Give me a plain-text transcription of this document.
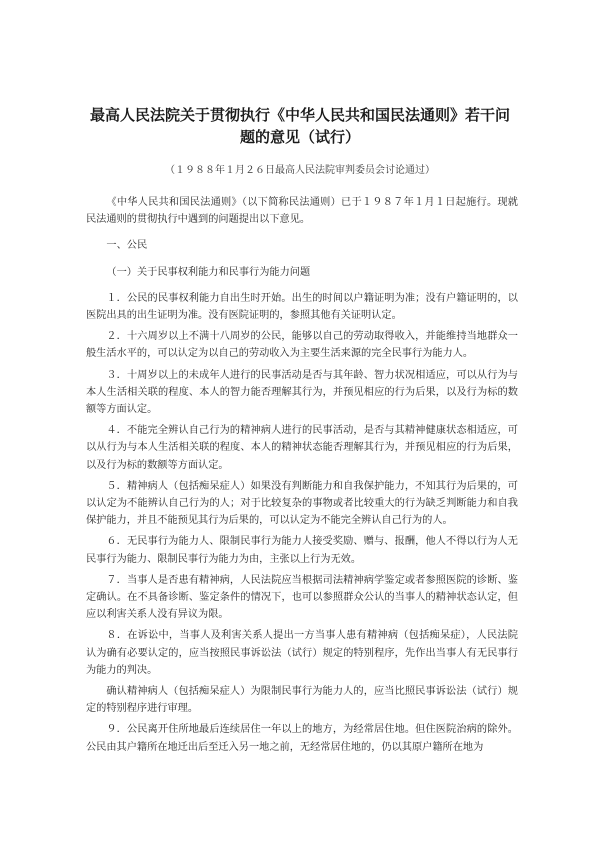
最高人民法院关于贯彻执行《中华人民共和国民法通则》若干问题的意见（试行）
（１９８８年１月２６日最高人民法院审判委员会讨论通过）

《中华人民共和国民法通则》（以下简称民法通则）已于１９８７年１月１日起施行。现就民法通则的贯彻执行中遇到的问题提出以下意见。

一、公民

（一）关于民事权利能力和民事行为能力问题

１．公民的民事权利能力自出生时开始。出生的时间以户籍证明为准；没有户籍证明的，以医院出具的出生证明为准。没有医院证明的，参照其他有关证明认定。

２．十六周岁以上不满十八周岁的公民，能够以自己的劳动取得收入，并能维持当地群众一般生活水平的，可以认定为以自己的劳动收入为主要生活来源的完全民事行为能力人。

３．十周岁以上的未成年人进行的民事活动是否与其年龄、智力状况相适应，可以从行为与本人生活相关联的程度、本人的智力能否理解其行为，并预见相应的行为后果，以及行为标的数额等方面认定。

４．不能完全辨认自己行为的精神病人进行的民事活动，是否与其精神健康状态相适应，可以从行为与本人生活相关联的程度、本人的精神状态能否理解其行为，并预见相应的行为后果，以及行为标的数额等方面认定。

５．精神病人（包括痴呆症人）如果没有判断能力和自我保护能力，不知其行为后果的，可以认定为不能辨认自己行为的人；对于比较复杂的事物或者比较重大的行为缺乏判断能力和自我保护能力，并且不能预见其行为后果的，可以认定为不能完全辨认自己行为的人。

６．无民事行为能力人、限制民事行为能力人接受奖励、赠与、报酬，他人不得以行为人无民事行为能力、限制民事行为能力为由，主张以上行为无效。

７．当事人是否患有精神病，人民法院应当根据司法精神病学鉴定或者参照医院的诊断、鉴定确认。在不具备诊断、鉴定条件的情况下，也可以参照群众公认的当事人的精神状态认定，但应以利害关系人没有异议为限。

８．在诉讼中，当事人及利害关系人提出一方当事人患有精神病（包括痴呆症），人民法院认为确有必要认定的，应当按照民事诉讼法（试行）规定的特别程序，先作出当事人有无民事行为能力的判决。

确认精神病人（包括痴呆症人）为限制民事行为能力人的，应当比照民事诉讼法（试行）规定的特别程序进行审理。

９．公民离开住所地最后连续居住一年以上的地方，为经常居住地。但住医院治病的除外。公民由其户籍所在地迁出后至迁入另一地之前，无经常居住地的，仍以其原户籍所在地为
